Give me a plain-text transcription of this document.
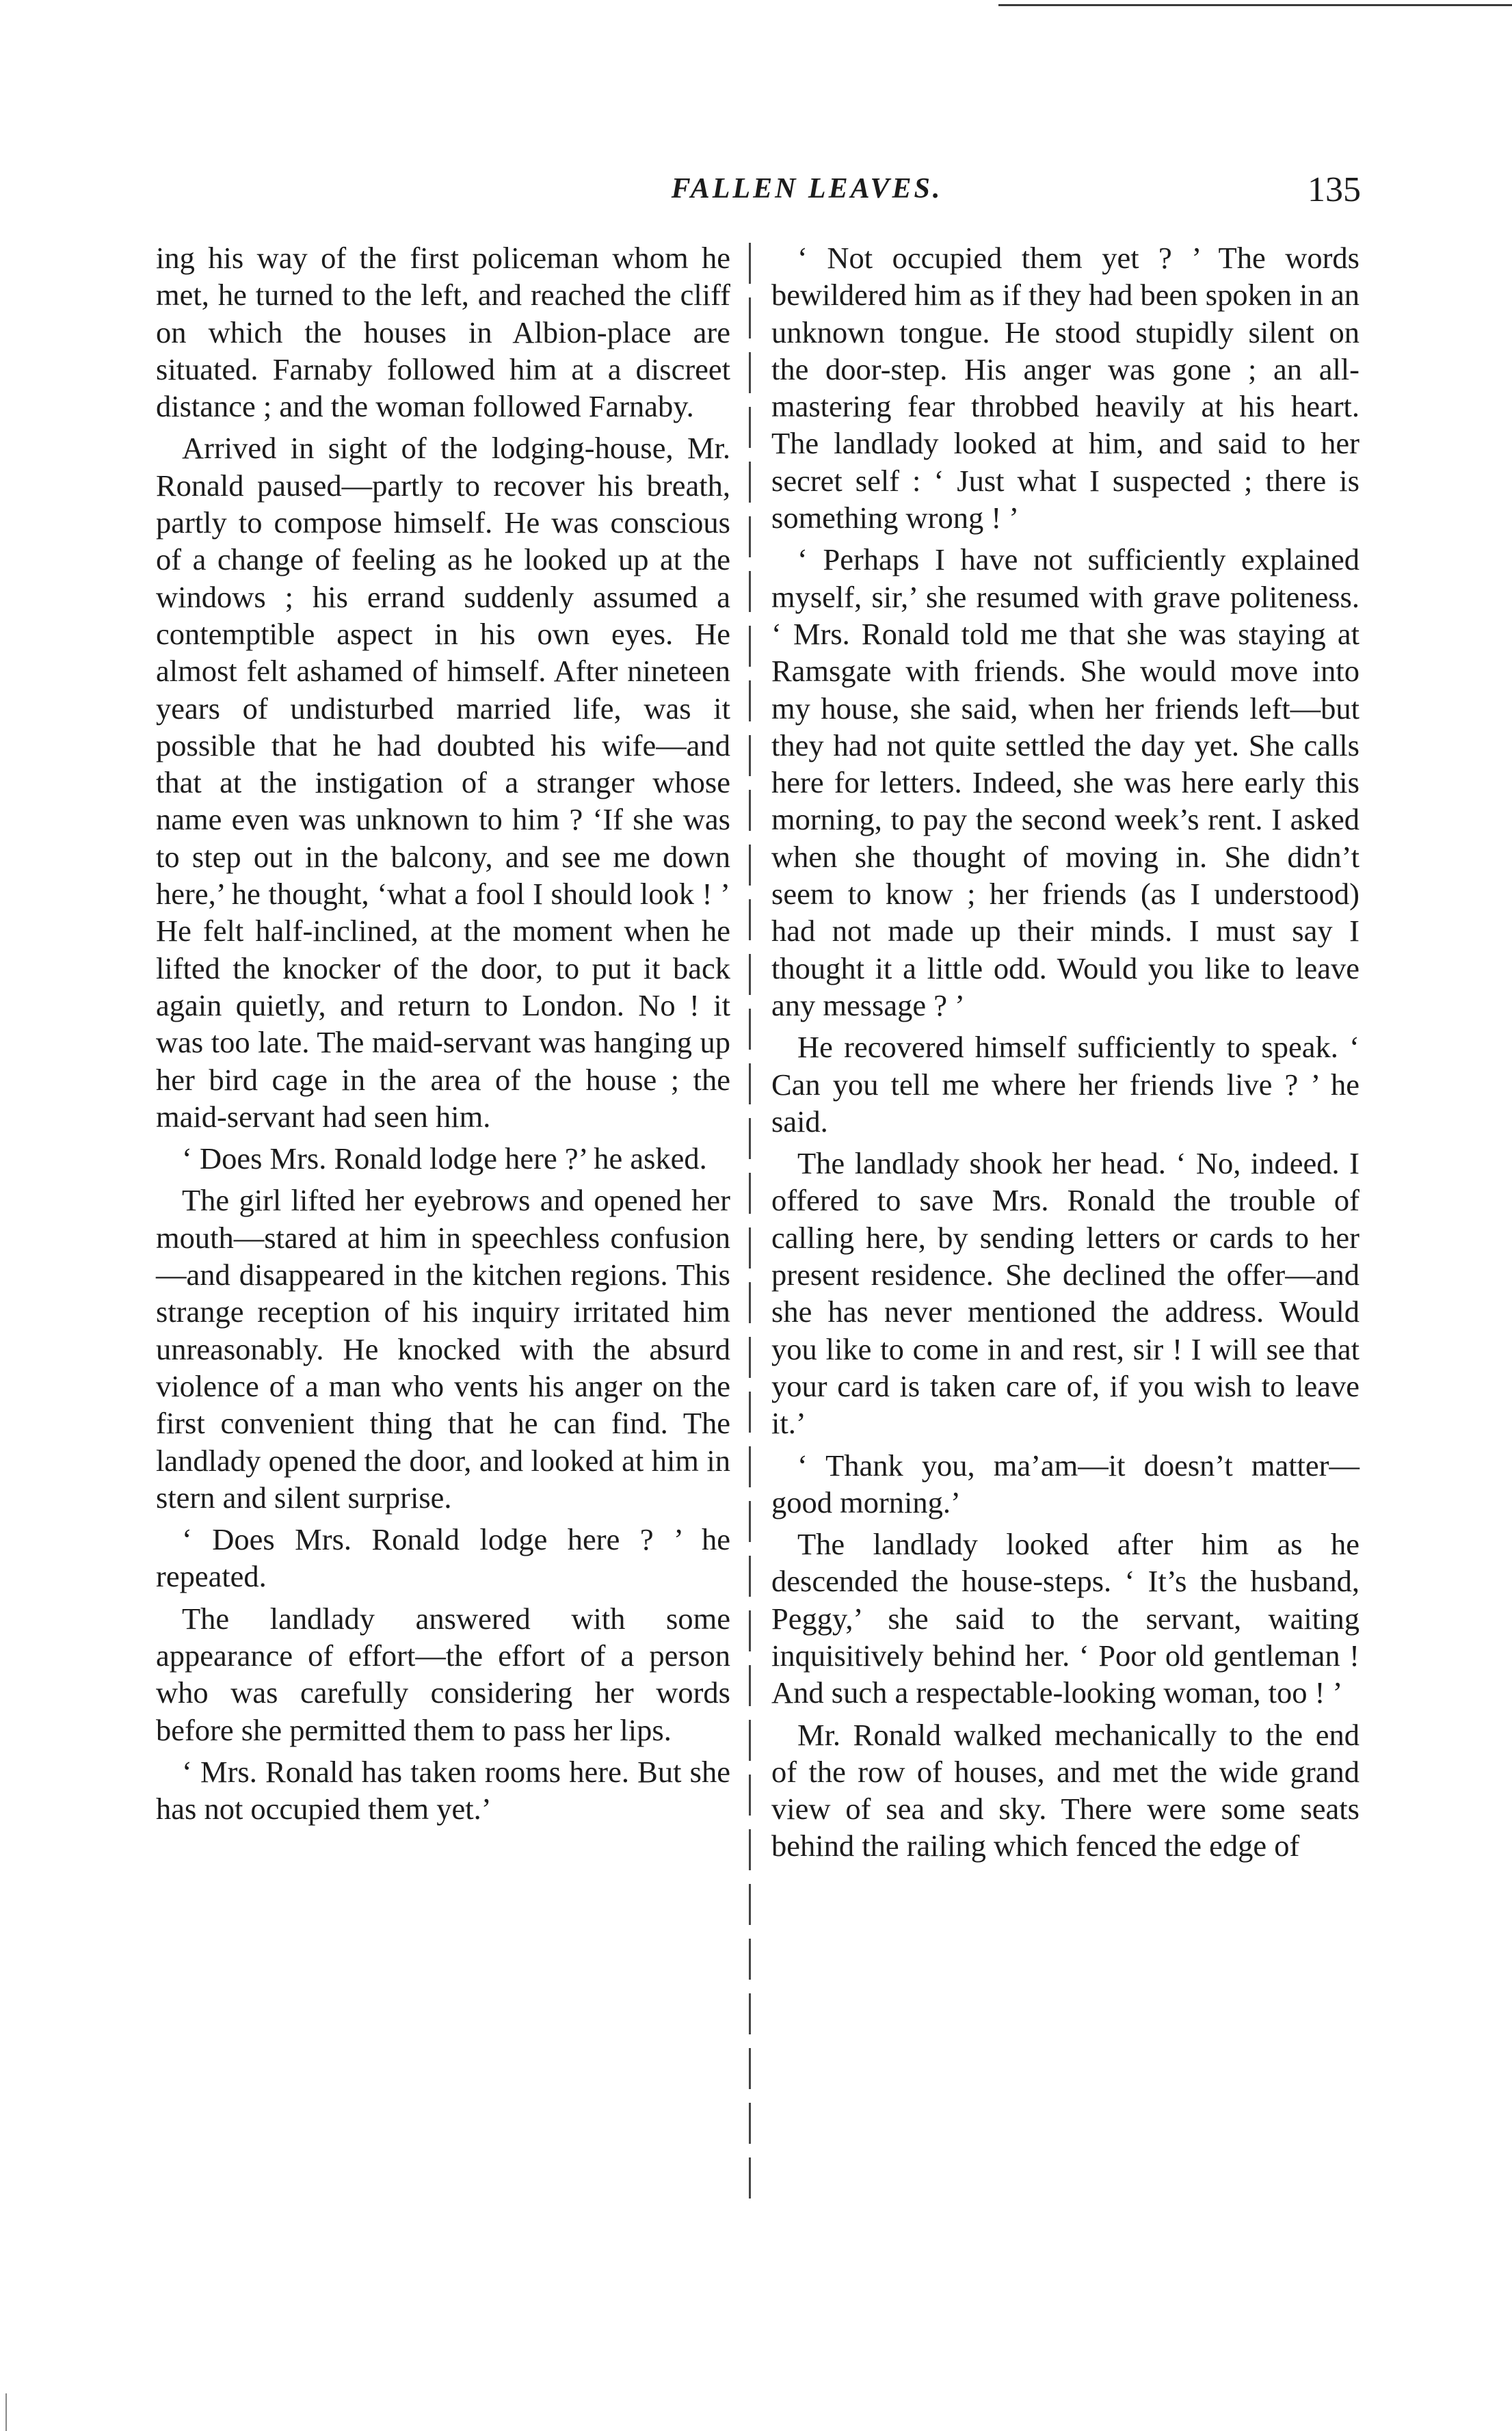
FALLEN LEAVES.	135

ing his way of the first policeman whom he met, he turned to the left, and reached the cliff on which the houses in Albion-place are situated. Farnaby followed him at a discreet distance ; and the woman followed Farnaby.

Arrived in sight of the lodging-house, Mr. Ronald paused—partly to recover his breath, partly to compose himself. He was conscious of a change of feeling as he looked up at the windows ; his errand suddenly assumed a contemptible aspect in his own eyes. He almost felt ashamed of himself. After nineteen years of undisturbed married life, was it possible that he had doubted his wife—and that at the instigation of a stranger whose name even was unknown to him ? ‘If she was to step out in the balcony, and see me down here,’ he thought, ‘what a fool I should look ! ’ He felt half-inclined, at the moment when he lifted the knocker of the door, to put it back again quietly, and return to London. No ! it was too late. The maid-servant was hanging up her bird cage in the area of the house ; the maid-servant had seen him.

‘ Does Mrs. Ronald lodge here ?’ he asked.

The girl lifted her eyebrows and opened her mouth—stared at him in speechless confusion—and disappeared in the kitchen regions. This strange reception of his inquiry irritated him unreasonably. He knocked with the absurd violence of a man who vents his anger on the first convenient thing that he can find. The landlady opened the door, and looked at him in stern and silent surprise.

‘ Does Mrs. Ronald lodge here ? ’ he repeated.

The landlady answered with some appearance of effort—the effort of a person who was carefully considering her words before she permitted them to pass her lips.

‘ Mrs. Ronald has taken rooms here. But she has not occupied them yet.’

‘ Not occupied them yet ? ’ The words bewildered him as if they had been spoken in an unknown tongue. He stood stupidly silent on the door-step. His anger was gone ; an all-mastering fear throbbed heavily at his heart. The landlady looked at him, and said to her secret self : ‘ Just what I suspected ; there is something wrong ! ’

‘ Perhaps I have not sufficiently explained myself, sir,’ she resumed with grave politeness. ‘ Mrs. Ronald told me that she was staying at Ramsgate with friends. She would move into my house, she said, when her friends left—but they had not quite settled the day yet. She calls here for letters. Indeed, she was here early this morning, to pay the second week’s rent. I asked when she thought of moving in. She didn’t seem to know ; her friends (as I understood) had not made up their minds. I must say I thought it a little odd. Would you like to leave any message ? ’

He recovered himself sufficiently to speak. ‘ Can you tell me where her friends live ? ’ he said.

The landlady shook her head. ‘ No, indeed. I offered to save Mrs. Ronald the trouble of calling here, by sending letters or cards to her present residence. She declined the offer—and she has never mentioned the address. Would you like to come in and rest, sir ! I will see that your card is taken care of, if you wish to leave it.’

‘ Thank you, ma’am—it doesn’t matter—good morning.’

The landlady looked after him as he descended the house-steps. ‘ It’s the husband, Peggy,’ she said to the servant, waiting inquisitively behind her. ‘ Poor old gentleman ! And such a respectable-looking woman, too ! ’

Mr. Ronald walked mechanically to the end of the row of houses, and met the wide grand view of sea and sky. There were some seats behind the railing which fenced the edge of
